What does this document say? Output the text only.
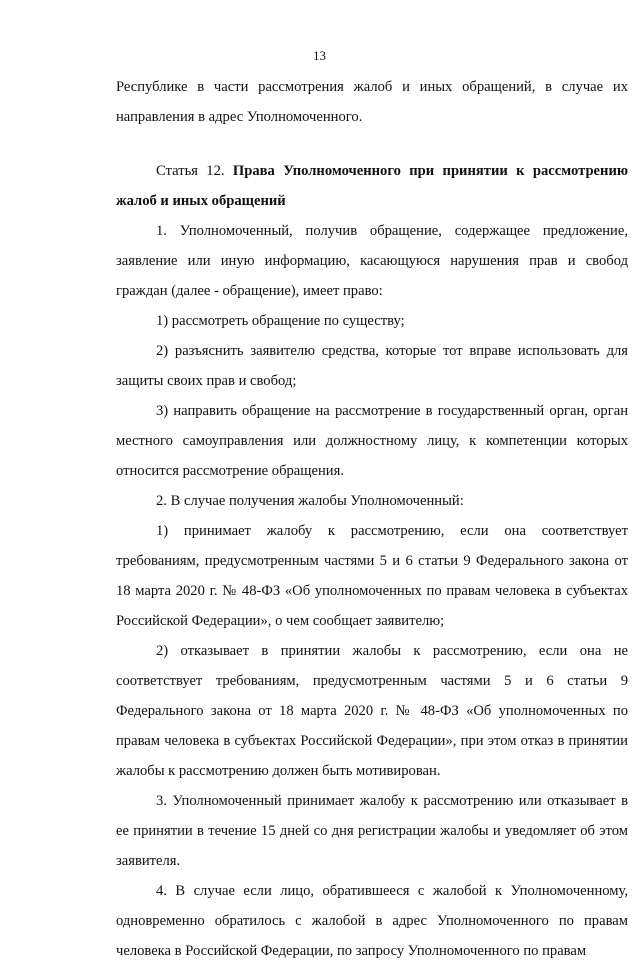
13

Республике в части рассмотрения жалоб и иных обращений, в случае их направления в адрес Уполномоченного.

Статья 12. Права Уполномоченного при принятии к рассмотрению жалоб и иных обращений

1. Уполномоченный, получив обращение, содержащее предложение, заявление или иную информацию, касающуюся нарушения прав и свобод граждан (далее - обращение), имеет право:

1) рассмотреть обращение по существу;

2) разъяснить заявителю средства, которые тот вправе использовать для защиты своих прав и свобод;

3) направить обращение на рассмотрение в государственный орган, орган местного самоуправления или должностному лицу, к компетенции которых относится рассмотрение обращения.

2. В случае получения жалобы Уполномоченный:

1) принимает жалобу к рассмотрению, если она соответствует требованиям, предусмотренным частями 5 и 6 статьи 9 Федерального закона от 18 марта 2020 г. № 48-ФЗ «Об уполномоченных по правам человека в субъектах Российской Федерации», о чем сообщает заявителю;

2) отказывает в принятии жалобы к рассмотрению, если она не соответствует требованиям, предусмотренным частями 5 и 6 статьи 9 Федерального закона от 18 марта 2020 г. № 48-ФЗ «Об уполномоченных по правам человека в субъектах Российской Федерации», при этом отказ в принятии жалобы к рассмотрению должен быть мотивирован.

3. Уполномоченный принимает жалобу к рассмотрению или отказывает в ее принятии в течение 15 дней со дня регистрации жалобы и уведомляет об этом заявителя.

4. В случае если лицо, обратившееся с жалобой к Уполномоченному, одновременно обратилось с жалобой в адрес Уполномоченного по правам человека в Российской Федерации, по запросу Уполномоченного по правам
